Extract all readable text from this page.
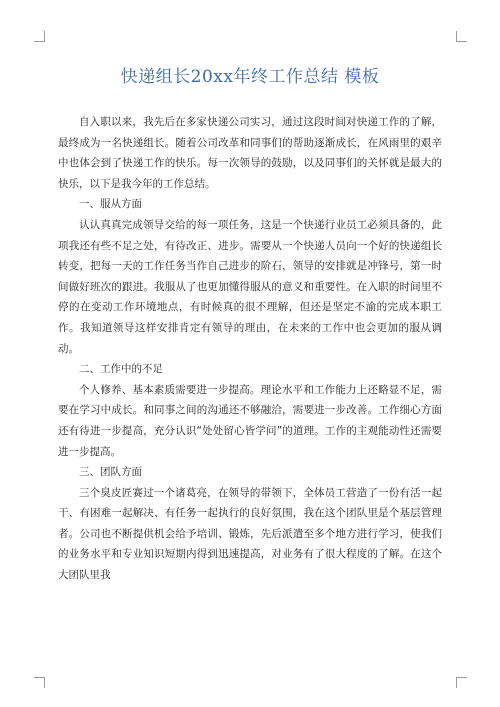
快递组长20xx年终工作总结 模板

自入职以来，我先后在多家快递公司实习，通过这段时间对快递工作的了解，最终成为一名快递组长。随着公司改革和同事们的帮助逐渐成长，在风雨里的艰辛中也体会到了快递工作的快乐。每一次领导的鼓励，以及同事们的关怀就是最大的快乐，以下是我今年的工作总结。

一、服从方面

认认真真完成领导交给的每一项任务，这是一个快递行业员工必须具备的，此项我还有些不足之处，有待改正、进步。需要从一个快递人员向一个好的快递组长转变，把每一天的工作任务当作自己进步的阶石，领导的安排就是冲锋号，第一时间做好班次的跟进。我服从了也更加懂得服从的意义和重要性。在入职的时间里不停的在变动工作环境地点，有时候真的很不理解，但还是坚定不渝的完成本职工作。我知道领导这样安排肯定有领导的理由，在未来的工作中也会更加的服从调动。

二、工作中的不足

个人修养、基本素质需要进一步提高。理论水平和工作能力上还略显不足，需要在学习中成长。和同事之间的沟通还不够融洽，需要进一步改善。工作细心方面还有待进一步提高，充分认识“处处留心皆学问”的道理。工作的主观能动性还需要进一步提高。

三、团队方面

三个臭皮匠赛过一个诸葛亮，在领导的带领下，全体员工营造了一份有活一起干、有困难一起解决、有任务一起执行的良好氛围，我在这个团队里是个基层管理者。公司也不断提供机会给予培训、锻炼，先后派遣至多个地方进行学习，使我们的业务水平和专业知识短期内得到迅速提高，对业务有了很大程度的了解。在这个大团队里我
